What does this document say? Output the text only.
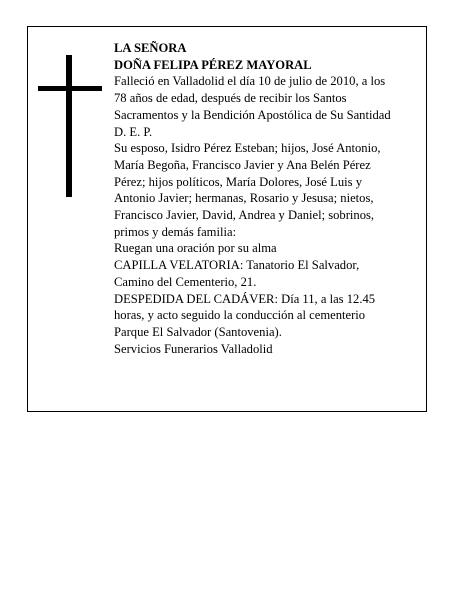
LA SEÑORA
DOÑA FELIPA PÉREZ MAYORAL
Falleció en Valladolid el día 10 de julio de 2010, a los
78 años de edad, después de recibir los Santos
Sacramentos y la Bendición Apostólica de Su Santidad
D. E. P.
Su esposo, Isidro Pérez Esteban; hijos, José Antonio,
María Begoña, Francisco Javier y Ana Belén Pérez
Pérez; hijos políticos, María Dolores, José Luis y
Antonio Javier; hermanas, Rosario y Jesusa; nietos,
Francisco Javier, David, Andrea y Daniel; sobrinos,
primos y demás familia:
Ruegan una oración por su alma
CAPILLA VELATORIA: Tanatorio El Salvador,
Camino del Cementerio, 21.
DESPEDIDA DEL CADÁVER: Día 11, a las 12.45
horas, y acto seguido la conducción al cementerio
Parque El Salvador (Santovenia).
Servicios Funerarios Valladolid
